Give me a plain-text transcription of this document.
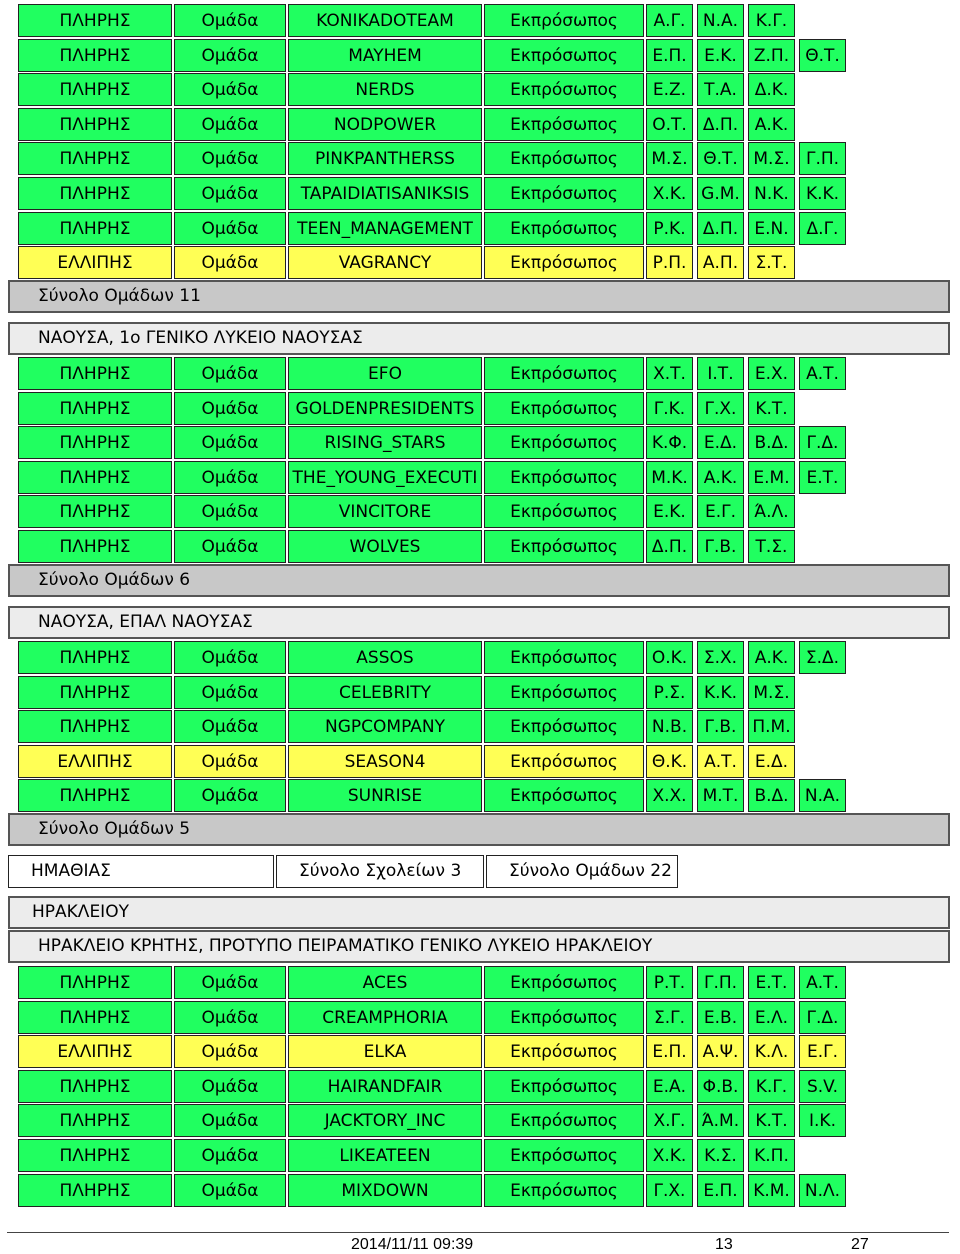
ΠΛΗΡΗΣ	Ομάδα	KONIKADOTEAM	Εκπρόσωπος	Α.Γ.	Ν.Α.	Κ.Γ.
ΠΛΗΡΗΣ	Ομάδα	MAYHEM	Εκπρόσωπος	Ε.Π.	Ε.Κ.	Ζ.Π. Θ.Τ.
ΠΛΗΡΗΣ	Ομάδα	NERDS	Εκπρόσωπος	Ε.Ζ.	Τ.Α.	Δ.Κ.
ΠΛΗΡΗΣ	Ομάδα	NODPOWER	Εκπρόσωπος	Ο.Τ. Δ.Π. Α.Κ.
ΠΛΗΡΗΣ	Ομάδα	PINKPANTHERSS	Εκπρόσωπος	Μ.Σ. Θ.Τ. Μ.Σ. Γ.Π.
ΠΛΗΡΗΣ	Ομάδα	TAPAIDIATISANIKSIS	Εκπρόσωπος	Χ.Κ. G.M. Ν.Κ.	Κ.Κ.
ΠΛΗΡΗΣ	Ομάδα	TEEN_MANAGEMENT	Εκπρόσωπος	Ρ.Κ.	Δ.Π. Ε.Ν.	Δ.Γ.
ΕΛΛΙΠΗΣ	Ομάδα	VAGRANCY	Εκπρόσωπος	Ρ.Π. Α.Π.	Σ.Τ.
Σύνολο Ομάδων 11
ΝΑΟΥΣΑ, 1ο ΓΕΝΙΚΟ ΛΥΚΕΙΟ ΝΑΟΥΣΑΣ
ΠΛΗΡΗΣ	Ομάδα	EFO	Εκπρόσωπος	Χ.Τ.	Ι.Τ.	Ε.Χ.	Α.Τ.
ΠΛΗΡΗΣ	Ομάδα	GOLDENPRESIDENTS	Εκπρόσωπος	Γ.Κ.	Γ.Χ.	Κ.Τ.
ΠΛΗΡΗΣ	Ομάδα	RISING_STARS	Εκπρόσωπος	Κ.Φ. Ε.Δ.	Β.Δ.	Γ.Δ.
ΠΛΗΡΗΣ	Ομάδα	THE_YOUNG_EXECUTI	Εκπρόσωπος	Μ.Κ. Α.Κ. Ε.Μ. Ε.Τ.
ΠΛΗΡΗΣ	Ομάδα	VINCITORE	Εκπρόσωπος	Ε.Κ.	Ε.Γ.	Ά.Λ.
ΠΛΗΡΗΣ	Ομάδα	WOLVES	Εκπρόσωπος	Δ.Π.	Γ.Β.	Τ.Σ.
Σύνολο Ομάδων 6
ΝΑΟΥΣΑ, ΕΠΑΛ ΝΑΟΥΣΑΣ
ΠΛΗΡΗΣ	Ομάδα	ASSOS	Εκπρόσωπος	Ο.Κ. Σ.Χ.	Α.Κ.	Σ.Δ.
ΠΛΗΡΗΣ	Ομάδα	CELEBRITY	Εκπρόσωπος	Ρ.Σ.	Κ.Κ. Μ.Σ.
ΠΛΗΡΗΣ	Ομάδα	NGPCOMPANY	Εκπρόσωπος	Ν.Β.	Γ.Β. Π.Μ.
ΕΛΛΙΠΗΣ	Ομάδα	SEASON4	Εκπρόσωπος	Θ.Κ. Α.Τ.	Ε.Δ.
ΠΛΗΡΗΣ	Ομάδα	SUNRISE	Εκπρόσωπος	Χ.Χ. Μ.Τ. Β.Δ. Ν.Α.
Σύνολο Ομάδων 5
ΗΜΑΘΙΑΣ	Σύνολο Σχολείων 3	Σύνολο Ομάδων 22
ΗΡΑΚΛΕΙΟΥ
ΗΡΑΚΛΕΙΟ ΚΡΗΤΗΣ, ΠΡΟΤΥΠΟ ΠΕΙΡΑΜΑΤΙΚΟ ΓΕΝΙΚΟ ΛΥΚΕΙΟ ΗΡΑΚΛΕΙΟΥ
ΠΛΗΡΗΣ	Ομάδα	ACES	Εκπρόσωπος	Ρ.Τ.	Γ.Π.	Ε.Τ.	Α.Τ.
ΠΛΗΡΗΣ	Ομάδα	CREAMPHORIA	Εκπρόσωπος	Σ.Γ.	Ε.Β.	Ε.Λ.	Γ.Δ.
ΕΛΛΙΠΗΣ	Ομάδα	ELKA	Εκπρόσωπος	Ε.Π. Α.Ψ. Κ.Λ.	Ε.Γ.
ΠΛΗΡΗΣ	Ομάδα	HAIRANDFAIR	Εκπρόσωπος	Ε.Α. Φ.Β.	Κ.Γ.	S.V.
ΠΛΗΡΗΣ	Ομάδα	JACKTORY_INC	Εκπρόσωπος	Χ.Γ. Ά.Μ. Κ.Τ.	Ι.Κ.
ΠΛΗΡΗΣ	Ομάδα	LIKEATEEN	Εκπρόσωπος	Χ.Κ.	Κ.Σ.	Κ.Π.
ΠΛΗΡΗΣ	Ομάδα	MIXDOWN	Εκπρόσωπος	Γ.Χ.	Ε.Π. Κ.Μ. Ν.Λ.
2014/11/11 09:39	13	27
